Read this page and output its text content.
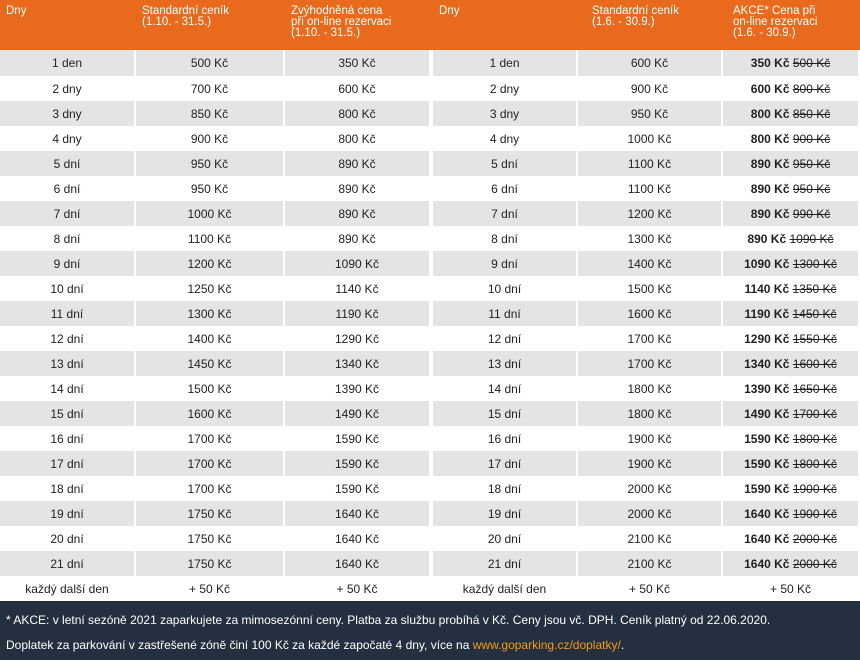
Dny	Standardní ceník
(1.10. - 31.5.)	Zvýhodněná cena
při on-line rezervaci
(1.10. - 31.5.)	Dny	Standardní ceník
(1.6. - 30.9.)	AKCE* Cena při
on-line rezervaci
(1.6. - 30.9.)
1 den	500 Kč	350 Kč	1 den	600 Kč	350 Kč 500 Kč
2 dny	700 Kč	600 Kč	2 dny	900 Kč	600 Kč 800 Kč
3 dny	850 Kč	800 Kč	3 dny	950 Kč	800 Kč 850 Kč
4 dny	900 Kč	800 Kč	4 dny	1000 Kč	800 Kč 900 Kč
5 dní	950 Kč	890 Kč	5 dní	1100 Kč	890 Kč 950 Kč
6 dní	950 Kč	890 Kč	6 dní	1100 Kč	890 Kč 950 Kč
7 dní	1000 Kč	890 Kč	7 dní	1200 Kč	890 Kč 990 Kč
8 dní	1100 Kč	890 Kč	8 dní	1300 Kč	890 Kč 1090 Kč
9 dní	1200 Kč	1090 Kč	9 dní	1400 Kč	1090 Kč 1300 Kč
10 dní	1250 Kč	1140 Kč	10 dní	1500 Kč	1140 Kč 1350 Kč
11 dní	1300 Kč	1190 Kč	11 dní	1600 Kč	1190 Kč 1450 Kč
12 dní	1400 Kč	1290 Kč	12 dní	1700 Kč	1290 Kč 1550 Kč
13 dní	1450 Kč	1340 Kč	13 dní	1700 Kč	1340 Kč 1600 Kč
14 dní	1500 Kč	1390 Kč	14 dní	1800 Kč	1390 Kč 1650 Kč
15 dní	1600 Kč	1490 Kč	15 dní	1800 Kč	1490 Kč 1700 Kč
16 dní	1700 Kč	1590 Kč	16 dní	1900 Kč	1590 Kč 1800 Kč
17 dní	1700 Kč	1590 Kč	17 dní	1900 Kč	1590 Kč 1800 Kč
18 dní	1700 Kč	1590 Kč	18 dní	2000 Kč	1590 Kč 1900 Kč
19 dní	1750 Kč	1640 Kč	19 dní	2000 Kč	1640 Kč 1900 Kč
20 dní	1750 Kč	1640 Kč	20 dní	2100 Kč	1640 Kč 2000 Kč
21 dní	1750 Kč	1640 Kč	21 dní	2100 Kč	1640 Kč 2000 Kč
každý další den	+ 50 Kč	+ 50 Kč	každý další den	+ 50 Kč	+ 50 Kč

* AKCE: v letní sezóně 2021 zaparkujete za mimosezónní ceny. Platba za službu probíhá v Kč. Ceny jsou vč. DPH. Ceník platný od 22.06.2020.

Doplatek za parkování v zastřešené zóně činí 100 Kč za každé započaté 4 dny, více na www.goparking.cz/doplatky/.
